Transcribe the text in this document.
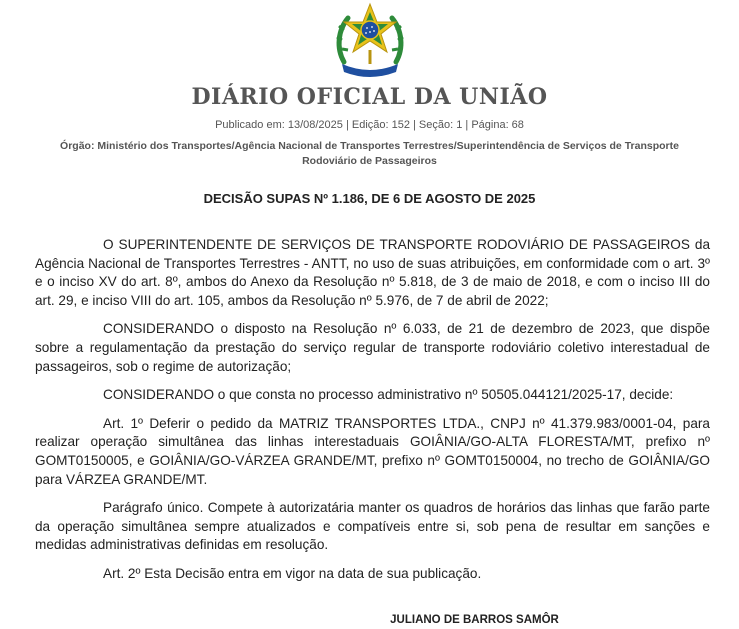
DIÁRIO OFICIAL DA UNIÃO
Publicado em: 13/08/2025 | Edição: 152 | Seção: 1 | Página: 68
Órgão: Ministério dos Transportes/Agência Nacional de Transportes Terrestres/Superintendência de Serviços de Transporte Rodoviário de Passageiros
DECISÃO SUPAS Nº 1.186, DE 6 DE AGOSTO DE 2025

O SUPERINTENDENTE DE SERVIÇOS DE TRANSPORTE RODOVIÁRIO DE PASSAGEIROS da Agência Nacional de Transportes Terrestres - ANTT, no uso de suas atribuições, em conformidade com o art. 3º e o inciso XV do art. 8º, ambos do Anexo da Resolução nº 5.818, de 3 de maio de 2018, e com o inciso III do art. 29, e inciso VIII do art. 105, ambos da Resolução nº 5.976, de 7 de abril de 2022;

CONSIDERANDO o disposto na Resolução nº 6.033, de 21 de dezembro de 2023, que dispõe sobre a regulamentação da prestação do serviço regular de transporte rodoviário coletivo interestadual de passageiros, sob o regime de autorização;

CONSIDERANDO o que consta no processo administrativo nº 50505.044121/2025-17, decide:

Art. 1º Deferir o pedido da MATRIZ TRANSPORTES LTDA., CNPJ nº 41.379.983/0001-04, para realizar operação simultânea das linhas interestaduais GOIÂNIA/GO-ALTA FLORESTA/MT, prefixo nº GOMT0150005, e GOIÂNIA/GO-VÁRZEA GRANDE/MT, prefixo nº GOMT0150004, no trecho de GOIÂNIA/GO para VÁRZEA GRANDE/MT.

Parágrafo único. Compete à autorizatária manter os quadros de horários das linhas que farão parte da operação simultânea sempre atualizados e compatíveis entre si, sob pena de resultar em sanções e medidas administrativas definidas em resolução.

Art. 2º Esta Decisão entra em vigor na data de sua publicação.

JULIANO DE BARROS SAMÔR
